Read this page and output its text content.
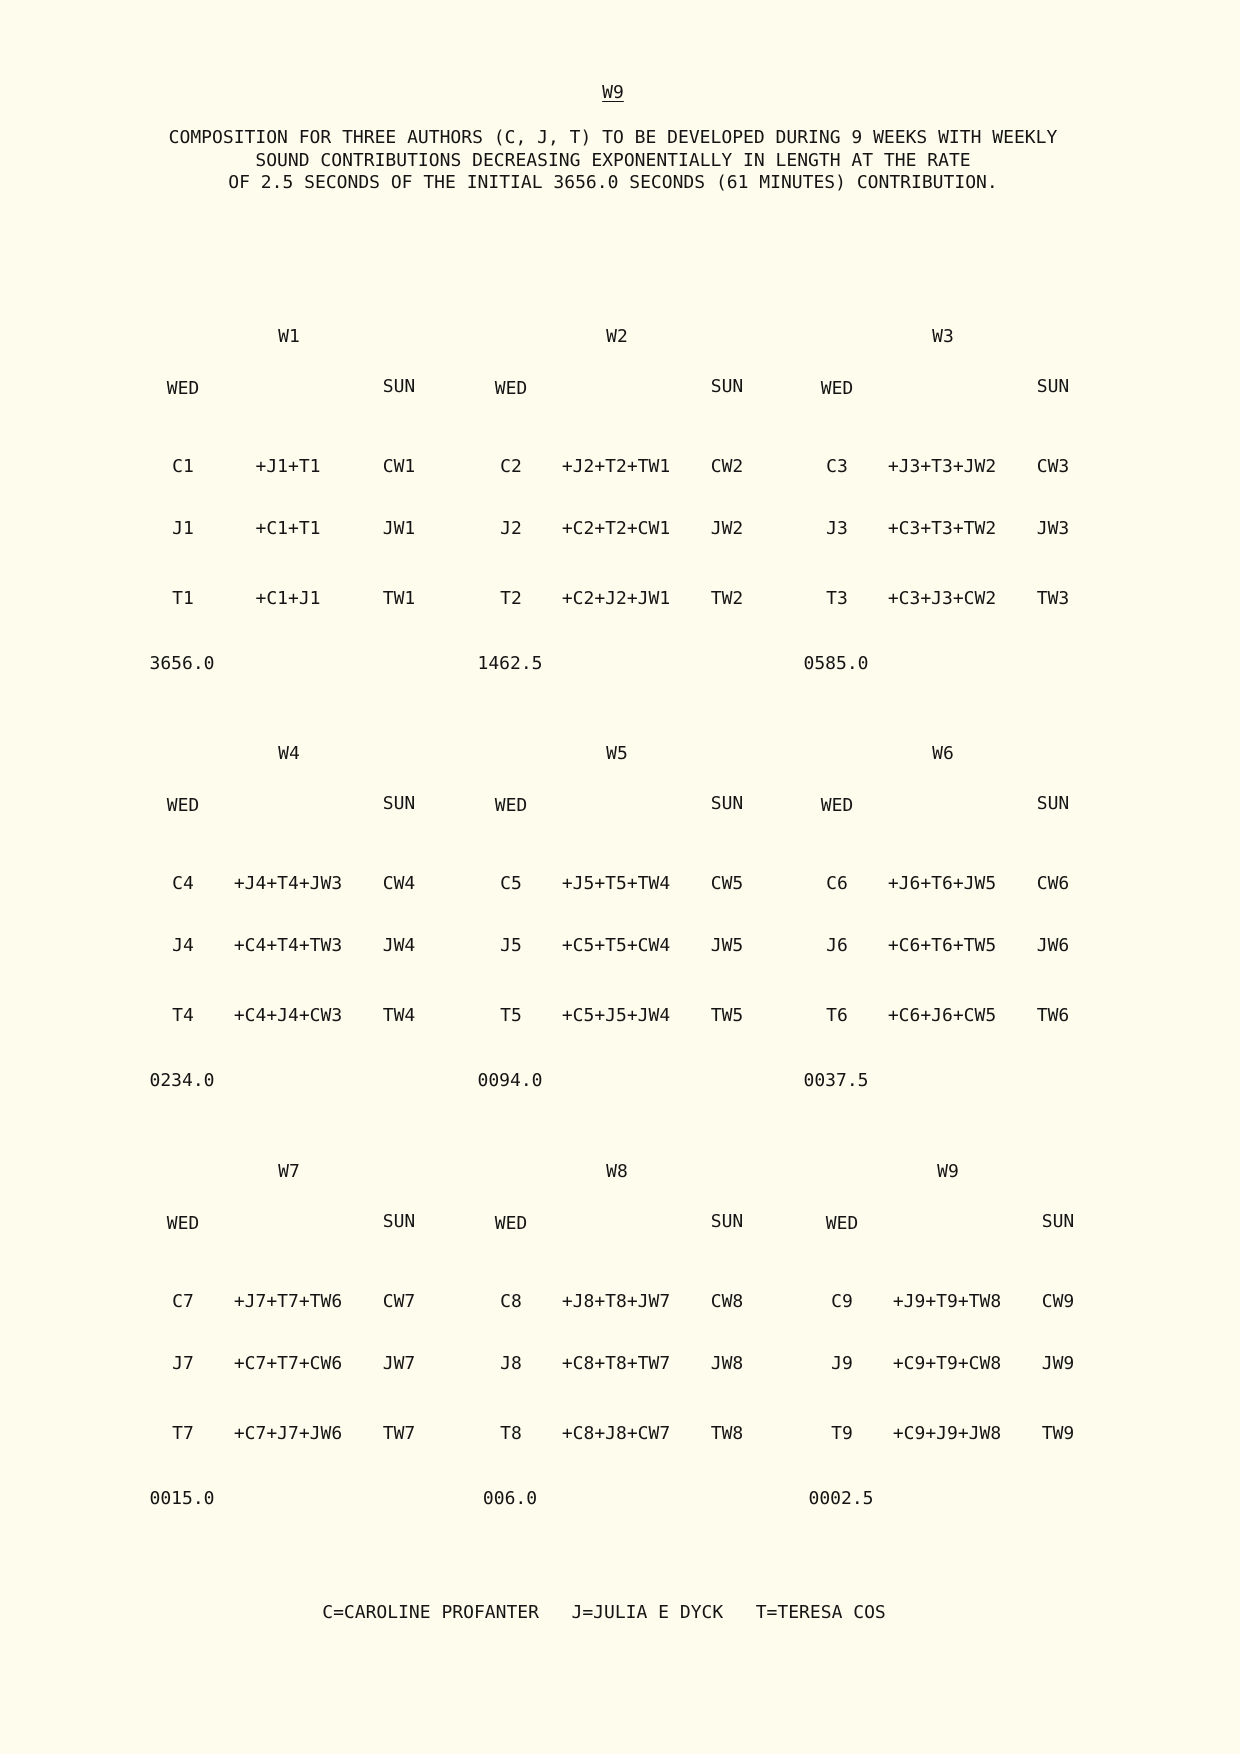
W9
COMPOSITION FOR THREE AUTHORS (C, J, T) TO BE DEVELOPED DURING 9 WEEKS WITH WEEKLY
SOUND CONTRIBUTIONS DECREASING EXPONENTIALLY IN LENGTH AT THE RATE
OF 2.5 SECONDS OF THE INITIAL 3656.0 SECONDS (61 MINUTES) CONTRIBUTION.
W1
WED	SUN
C1	+J1+T1	CW1
J1	+C1+T1	JW1
T1	+C1+J1	TW1
3656.0
W2
WED	SUN
C2 +J2+T2+TW1 CW2
J2 +C2+T2+CW1 JW2
T2 +C2+J2+JW1 TW2
1462.5
W3
WED	SUN
C3 +J3+T3+JW2 CW3
J3 +C3+T3+TW2 JW3
T3 +C3+J3+CW2 TW3
0585.0
W4
WED	SUN
C4 +J4+T4+JW3 CW4
J4 +C4+T4+TW3 JW4
T4 +C4+J4+CW3 TW4
0234.0
W5
WED	SUN
C5 +J5+T5+TW4 CW5
J5 +C5+T5+CW4 JW5
T5 +C5+J5+JW4 TW5
0094.0
W6
WED	SUN
C6 +J6+T6+JW5 CW6
J6 +C6+T6+TW5 JW6
T6 +C6+J6+CW5 TW6
0037.5
W7
WED	SUN
C7 +J7+T7+TW6 CW7
J7 +C7+T7+CW6 JW7
T7 +C7+J7+JW6 TW7
0015.0
W8
WED	SUN
C8 +J8+T8+JW7 CW8
J8 +C8+T8+TW7 JW8
T8 +C8+J8+CW7 TW8
006.0
W9
WED	SUN
C9 +J9+T9+TW8 CW9
J9 +C9+T9+CW8 JW9
T9 +C9+J9+JW8 TW9
0002.5
C=CAROLINE PROFANTER   J=JULIA E DYCK   T=TERESA COS
